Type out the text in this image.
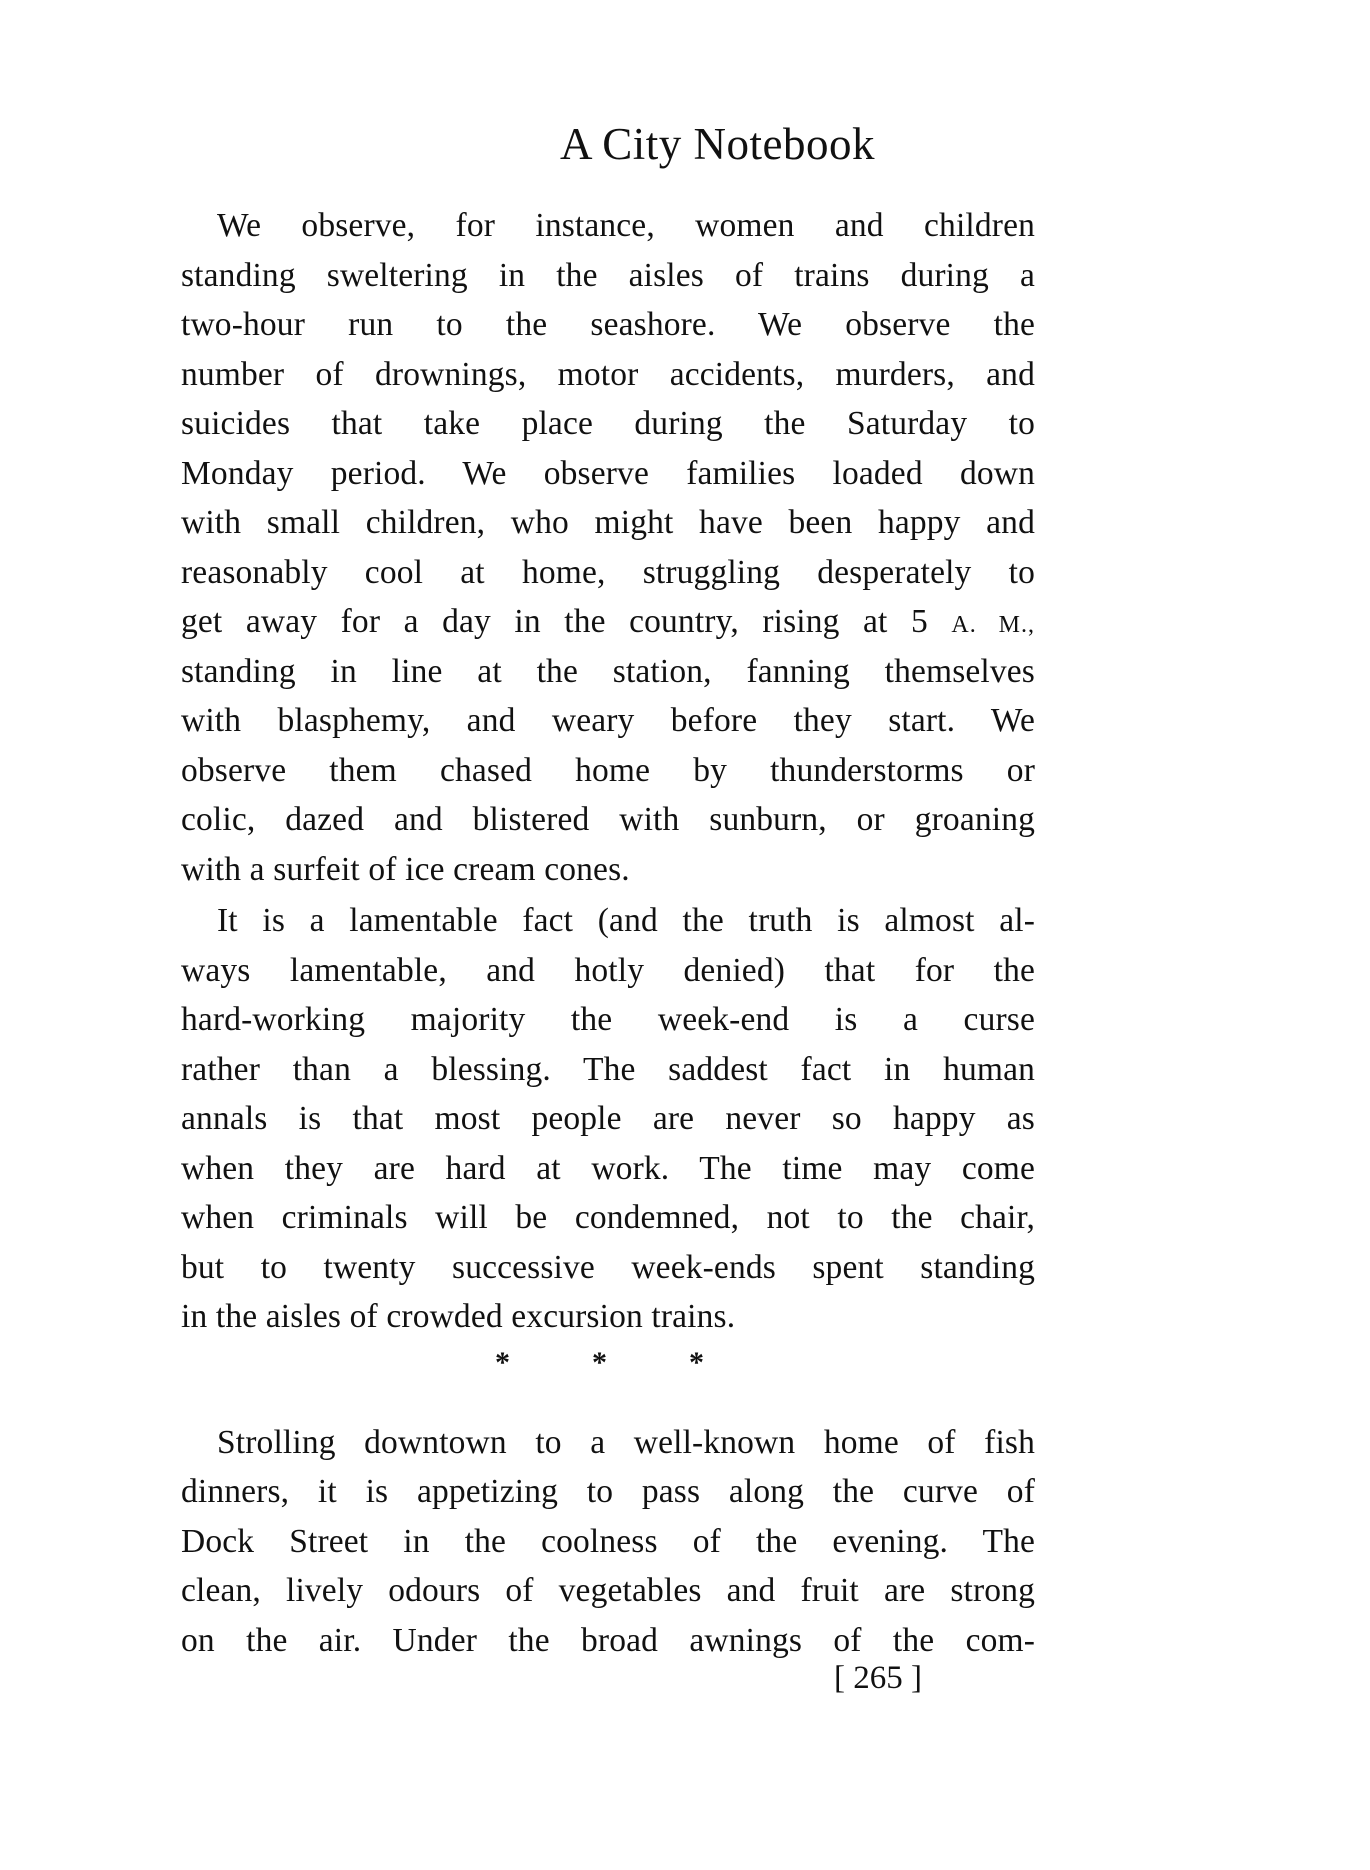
A City Notebook
We observe, for instance, women and children
standing sweltering in the aisles of trains during a
two-hour run to the seashore. We observe the
number of drownings, motor accidents, murders, and
suicides that take place during the Saturday to
Monday period. We observe families loaded down
with small children, who might have been happy and
reasonably cool at home, struggling desperately to
get away for a day in the country, rising at 5 A. M.,
standing in line at the station, fanning themselves
with blasphemy, and weary before they start. We
observe them chased home by thunderstorms or
colic, dazed and blistered with sunburn, or groaning
with a surfeit of ice cream cones.
It is a lamentable fact (and the truth is almost al-
ways lamentable, and hotly denied) that for the
hard-working majority the week-end is a curse
rather than a blessing. The saddest fact in human
annals is that most people are never so happy as
when they are hard at work. The time may come
when criminals will be condemned, not to the chair,
but to twenty successive week-ends spent standing
in the aisles of crowded excursion trains.
*	*	*
Strolling downtown to a well-known home of fish
dinners, it is appetizing to pass along the curve of
Dock Street in the coolness of the evening. The
clean, lively odours of vegetables and fruit are strong
on the air. Under the broad awnings of the com-
[ 265 ]
